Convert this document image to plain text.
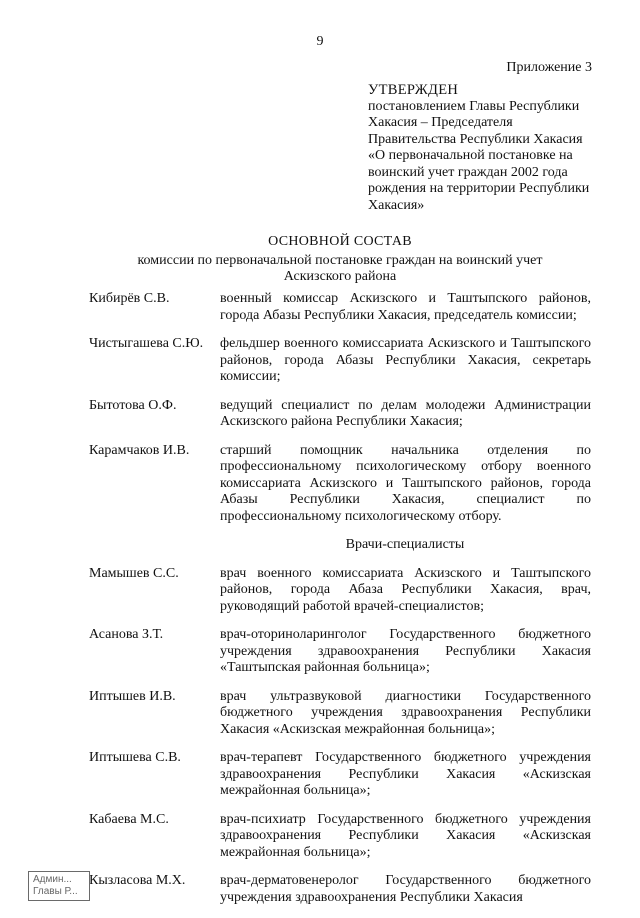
9
Приложение 3
УТВЕРЖДЕН
постановлением Главы Республики
Хакасия – Председателя
Правительства Республики Хакасия
«О первоначальной постановке на
воинский учет граждан 2002 года
рождения на территории Республики
Хакасия»
ОСНОВНОЙ СОСТАВ
комиссии по первоначальной постановке граждан на воинский учет
Аскизского района
Кибирёв С.В.	военный комиссар Аскизского и Таштыпского районов, города Абазы Республики Хакасия, председатель комиссии;
Чистыгашева С.Ю.	фельдшер военного комиссариата Аскизского и Таштыпского районов, города Абазы Республики Хакасия, секретарь комиссии;
Бытотова О.Ф.	ведущий специалист по делам молодежи Администрации Аскизского района Республики Хакасия;
Карамчаков И.В.	старший помощник начальника отделения по профессиональному психологическому отбору военного комиссариата Аскизского и Таштыпского районов, города Абазы Республики Хакасия, специалист по профессиональному психологическому отбору.
Врачи-специалисты
Мамышев С.С.	врач военного комиссариата Аскизского и Таштыпского районов, города Абаза Республики Хакасия, врач, руководящий работой врачей-специалистов;
Асанова З.Т.	врач-оториноларинголог Государственного бюджетного учреждения здравоохранения Республики Хакасия «Таштыпская районная больница»;
Иптышев И.В.	врач ультразвуковой диагностики Государственного бюджетного учреждения здравоохранения Республики Хакасия «Аскизская межрайонная больница»;
Иптышева С.В.	врач-терапевт Государственного бюджетного учреждения здравоохранения Республики Хакасия «Аскизская межрайонная больница»;
Кабаева М.С.	врач-психиатр Государственного бюджетного учреждения здравоохранения Республики Хакасия «Аскизская межрайонная больница»;
Кызласова М.Х.	врач-дерматовенеролог Государственного бюджетного учреждения здравоохранения Республики Хакасия
Админ...
Главы Р...
